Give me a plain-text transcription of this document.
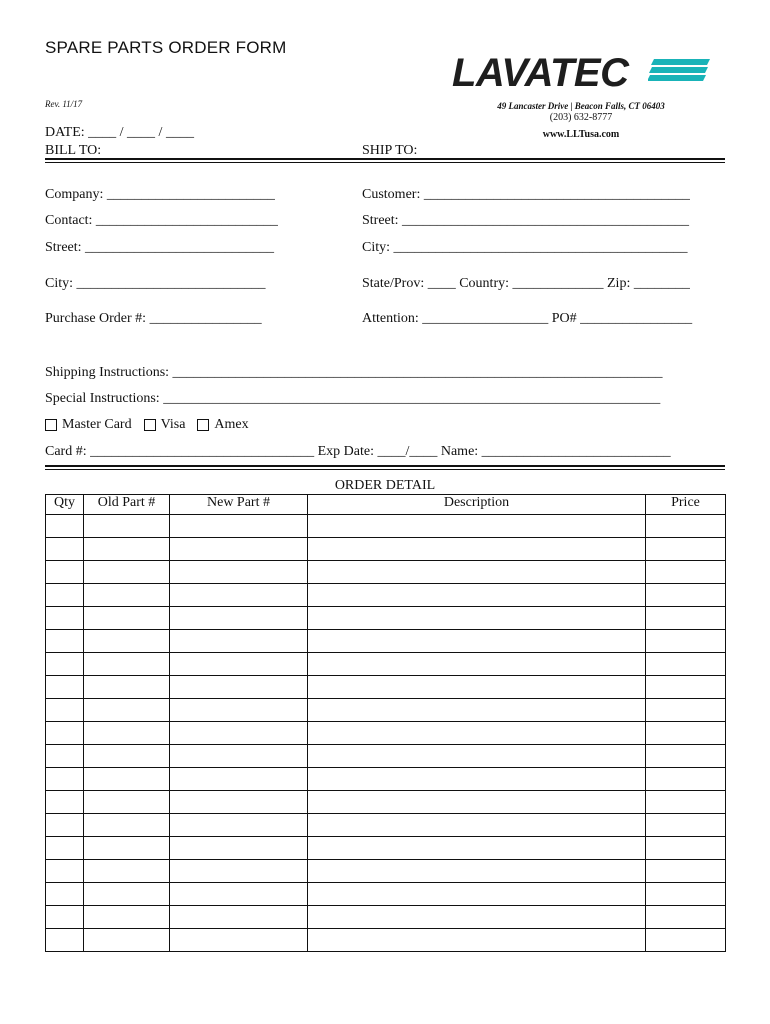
SPARE PARTS ORDER FORM
Rev. 11/17
LAVATEC
49 Lancaster Drive | Beacon Falls, CT 06403
(203) 632-8777
www.LLTusa.com
DATE: ____ / ____ / ____
BILL TO:	SHIP TO:
Company: ________________________
Contact: __________________________
Street: ___________________________
City: ___________________________
Purchase Order #: ________________
Customer: ______________________________________
Street: _________________________________________
City: __________________________________________
State/Prov: ____ Country: _____________ Zip: ________
Attention: __________________ PO# ________________
Shipping Instructions: ______________________________________________________________________
Special Instructions: _______________________________________________________________________
Master Card Visa Amex
Card #: ________________________________ Exp Date: ____/____ Name: ___________________________
ORDER DETAIL
Qty	Old Part #	New Part #	Description	Price
